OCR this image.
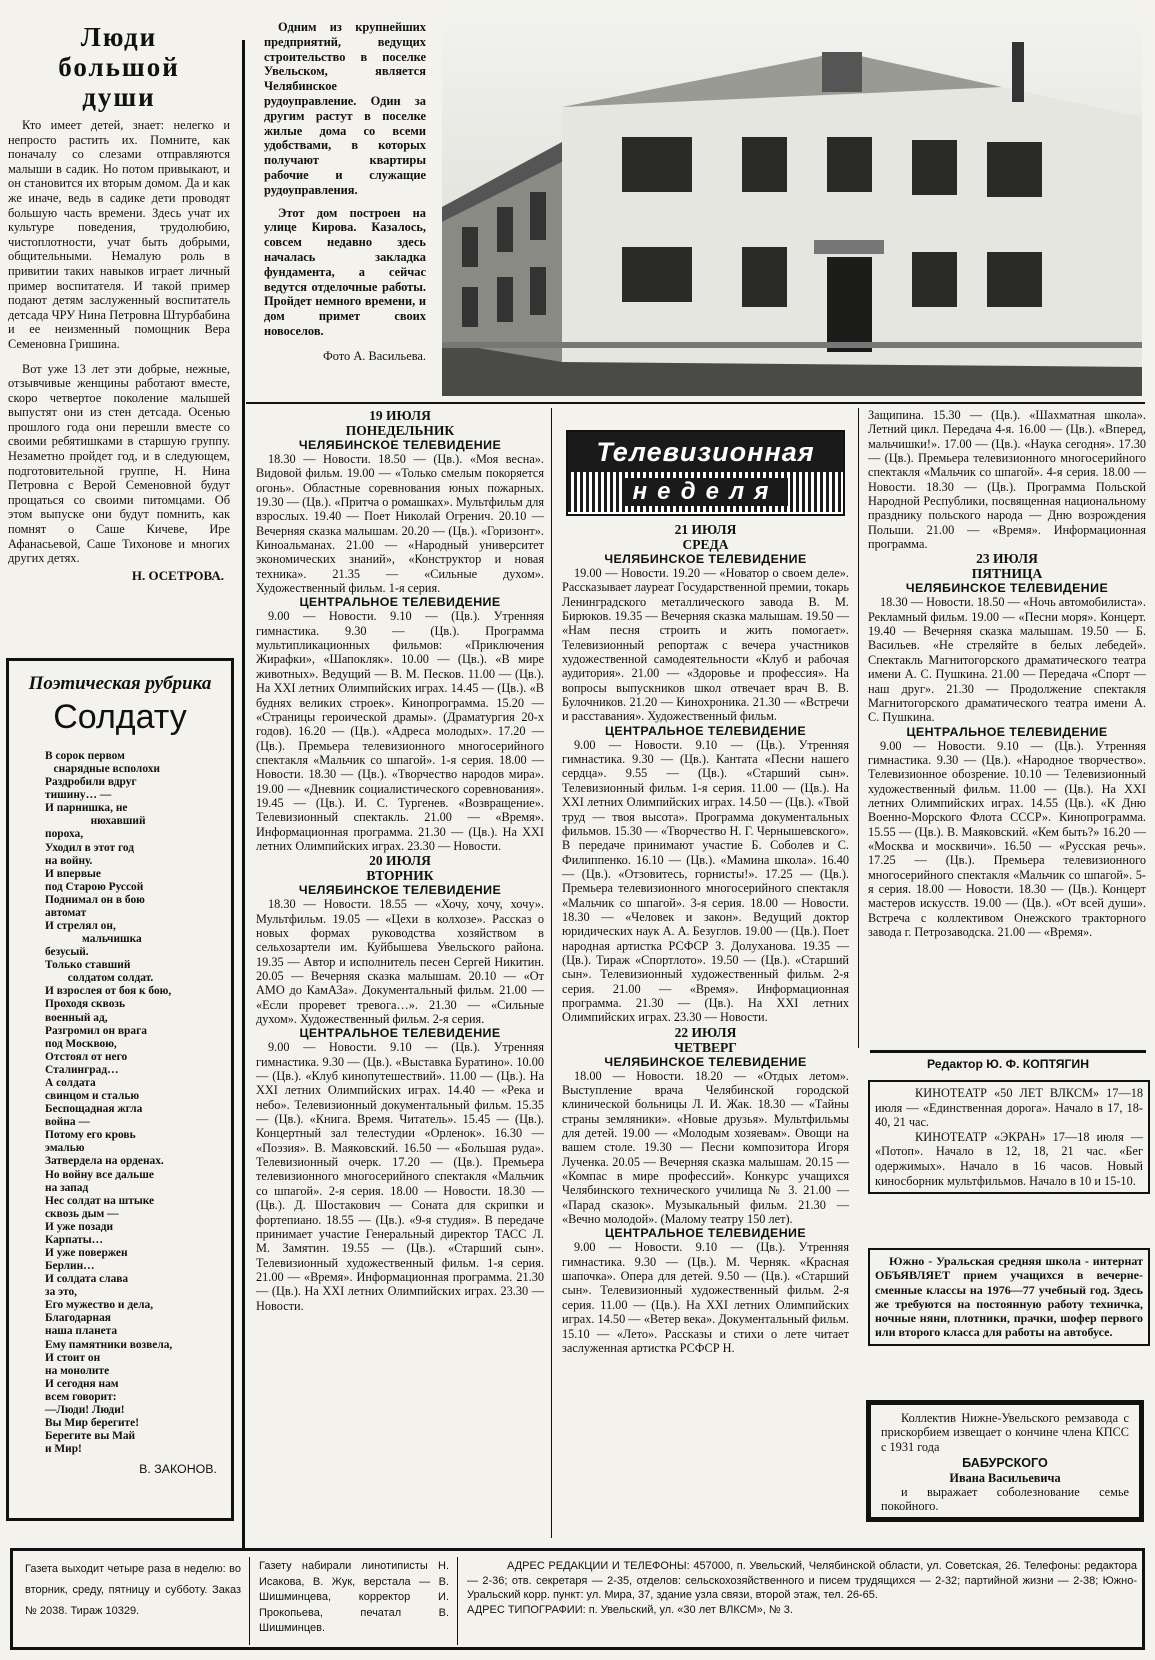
Люди большой души

Кто имеет детей, знает: нелегко и непросто растить их. Помните, как поначалу со слезами отправляются малыши в садик. Но потом привыкают, и он становится их вторым домом. Да и как же иначе, ведь в садике дети проводят большую часть времени. Здесь учат их культуре поведения, трудолюбию, чистоплотности, учат быть добрыми, общительными. Немалую роль в привитии таких навыков играет личный пример воспитателя. И такой пример подают детям заслуженный воспитатель детсада ЧРУ Нина Петровна Штурбабина и ее неизменный помощник Вера Семеновна Гришина.

Вот уже 13 лет эти добрые, нежные, отзывчивые женщины работают вместе, скоро четвертое поколение малышей выпустят они из стен детсада. Осенью прошлого года они перешли вместе со своими ребятишками в старшую группу. Незаметно пройдет год, и в следующем, подготовительной группе, Н. Нина Петровна с Верой Семеновной будут прощаться со своими питомцами. Об этом выпуске они будут помнить, как помнят о Саше Кичеве, Ире Афанасьевой, Саше Тихонове и многих других детях.

Н. ОСЕТРОВА.
Поэтическая рубрика
Солдату
В сорок первом
снарядные всполохи
Раздробили вдруг
тишину… —
И парнишка, не
нюхавший
пороха,
Уходил в этот год
на войну.
И впервые
под Старою Руссой
Поднимал он в бою
автомат
И стрелял он,
мальчишка
безусый.
Только ставший
солдатом солдат.
И взрослея от боя к бою,
Проходя сквозь
военный ад,
Разгромил он врага
под Москвою,
Отстоял от него
Сталинград…
А солдата
свинцом и сталью
Беспощадная жгла
война —
Потому его кровь
эмалью
Затвердела на орденах.
Но войну все дальше
на запад
Нес солдат на штыке
сквозь дым —
И уже позади
Карпаты…
И уже повержен
Берлин…
И солдата слава
за это,
Его мужество и дела,
Благодарная
наша планета
Ему памятники возвела,
И стоит он
на монолите
И сегодня нам
всем говорит:
—Люди! Люди!
Вы Мир берегите!
Берегите вы Май
и Мир!
В. ЗАКОНОВ.

Одним из крупнейших предприятий, ведущих строительство в поселке Увельском, является Челябинское рудоуправление. Один за другим растут в поселке жилые дома со всеми удобствами, в которых получают квартиры рабочие и служащие рудоуправления.

Этот дом построен на улице Кирова. Казалось, совсем недавно здесь началась закладка фундамента, а сейчас ведутся отделочные работы. Пройдет немного времени, и дом примет своих новоселов.

Фото А. Васильева.
19 ИЮЛЯ
ПОНЕДЕЛЬНИК
ЧЕЛЯБИНСКОЕ ТЕЛЕВИДЕНИЕ

18.30 — Новости. 18.50 — (Цв.). «Моя весна». Видовой фильм. 19.00 — «Только смелым покоряется огонь». Областные соревнования юных пожарных. 19.30 — (Цв.). «Притча о ромашках». Мультфильм для взрослых. 19.40 — Поет Николай Огренич. 20.10 — Вечерняя сказка малышам. 20.20 — (Цв.). «Горизонт». Киноальманах. 21.00 — «Народный университет экономических знаний», «Конструктор и новая техника». 21.35 — «Сильные духом». Художественный фильм. 1-я серия.

ЦЕНТРАЛЬНОЕ ТЕЛЕВИДЕНИЕ

9.00 — Новости. 9.10 — (Цв.). Утренняя гимнастика. 9.30 — (Цв.). Программа мультипликационных фильмов: «Приключения Жирафки», «Шапокляк». 10.00 — (Цв.). «В мире животных». Ведущий — В. М. Песков. 11.00 — (Цв.). На XXI летних Олимпийских играх. 14.45 — (Цв.). «В буднях великих строек». Кинопрограмма. 15.20 — «Страницы героической драмы». (Драматургия 20-х годов). 16.20 — (Цв.). «Адреса молодых». 17.20 — (Цв.). Премьера телевизионного многосерийного спектакля «Мальчик со шпагой». 1-я серия. 18.00 — Новости. 18.30 — (Цв.). «Творчество народов мира». 19.00 — «Дневник социалистического соревнования». 19.45 — (Цв.). И. С. Тургенев. «Возвращение». Телевизионный спектакль. 21.00 — «Время». Информационная программа. 21.30 — (Цв.). На XXI летних Олимпийских играх. 23.30 — Новости.

20 ИЮЛЯ
ВТОРНИК
ЧЕЛЯБИНСКОЕ ТЕЛЕВИДЕНИЕ

18.30 — Новости. 18.55 — «Хочу, хочу, хочу». Мультфильм. 19.05 — «Цехи в колхозе». Рассказ о новых формах руководства хозяйством в сельхозартели им. Куйбышева Увельского района. 19.35 — Автор и исполнитель песен Сергей Никитин. 20.05 — Вечерняя сказка малышам. 20.10 — «От АМО до КамАЗа». Документальный фильм. 21.00 — «Если проревет тревога…». 21.30 — «Сильные духом». Художественный фильм. 2-я серия.

ЦЕНТРАЛЬНОЕ ТЕЛЕВИДЕНИЕ

9.00 — Новости. 9.10 — (Цв.). Утренняя гимнастика. 9.30 — (Цв.). «Выставка Буратино». 10.00 — (Цв.). «Клуб кинопутешествий». 11.00 — (Цв.). На XXI летних Олимпийских играх. 14.40 — «Река и небо». Телевизионный документальный фильм. 15.35 — (Цв.). «Книга. Время. Читатель». 15.45 — (Цв.). Концертный зал телестудии «Орленок». 16.30 — «Поэзия». В. Маяковский. 16.50 — «Большая руда». Телевизионный очерк. 17.20 — (Цв.). Премьера телевизионного многосерийного спектакля «Мальчик со шпагой». 2-я серия. 18.00 — Новости. 18.30 — (Цв.). Д. Шостакович — Соната для скрипки и фортепиано. 18.55 — (Цв.). «9-я студия». В передаче принимает участие Генеральный директор ТАСС Л. М. Замятин. 19.55 — (Цв.). «Старший сын». Телевизионный художественный фильм. 1-я серия. 21.00 — «Время». Информационная программа. 21.30 — (Цв.). На XXI летних Олимпийских играх. 23.30 — Новости.

Телевизионная
неделя
21 ИЮЛЯ
СРЕДА
ЧЕЛЯБИНСКОЕ ТЕЛЕВИДЕНИЕ

19.00 — Новости. 19.20 — «Новатор о своем деле». Рассказывает лауреат Государственной премии, токарь Ленинградского металлического завода В. М. Бирюков. 19.35 — Вечерняя сказка малышам. 19.50 — «Нам песня строить и жить помогает». Телевизионный репортаж с вечера участников художественной самодеятельности «Клуб и рабочая аудитория». 21.00 — «Здоровье и профессия». На вопросы выпускников школ отвечает врач В. В. Булочников. 21.20 — Кинохроника. 21.30 — «Встречи и расставания». Художественный фильм.

ЦЕНТРАЛЬНОЕ ТЕЛЕВИДЕНИЕ

9.00 — Новости. 9.10 — (Цв.). Утренняя гимнастика. 9.30 — (Цв.). Кантата «Песни нашего сердца». 9.55 — (Цв.). «Старший сын». Телевизионный фильм. 1-я серия. 11.00 — (Цв.). На XXI летних Олимпийских играх. 14.50 — (Цв.). «Твой труд — твоя высота». Программа документальных фильмов. 15.30 — «Творчество Н. Г. Чернышевского». В передаче принимают участие Б. Соболев и С. Филиппенко. 16.10 — (Цв.). «Мамина школа». 16.40 — (Цв.). «Отзовитесь, горнисты!». 17.25 — (Цв.). Премьера телевизионного многосерийного спектакля «Мальчик со шпагой». 3-я серия. 18.00 — Новости. 18.30 — «Человек и закон». Ведущий доктор юридических наук А. А. Безуглов. 19.00 — (Цв.). Поет народная артистка РСФСР З. Долуханова. 19.35 — (Цв.). Тираж «Спортлото». 19.50 — (Цв.). «Старший сын». Телевизионный художественный фильм. 2-я серия. 21.00 — «Время». Информационная программа. 21.30 — (Цв.). На XXI летних Олимпийских играх. 23.30 — Новости.

22 ИЮЛЯ
ЧЕТВЕРГ
ЧЕЛЯБИНСКОЕ ТЕЛЕВИДЕНИЕ

18.00 — Новости. 18.20 — «Отдых летом». Выступление врача Челябинской городской клинической больницы Л. И. Жак. 18.30 — «Тайны страны земляники». «Новые друзья». Мультфильмы для детей. 19.00 — «Молодым хозяевам». Овощи на вашем столе. 19.30 — Песни композитора Игоря Лученка. 20.05 — Вечерняя сказка малышам. 20.15 — «Компас в мире профессий». Конкурс учащихся Челябинского технического училища № 3. 21.00 — «Парад сказок». Музыкальный фильм. 21.30 — «Вечно молодой». (Малому театру 150 лет).

ЦЕНТРАЛЬНОЕ ТЕЛЕВИДЕНИЕ

9.00 — Новости. 9.10 — (Цв.). Утренняя гимнастика. 9.30 — (Цв.). М. Черняк. «Красная шапочка». Опера для детей. 9.50 — (Цв.). «Старший сын». Телевизионный художественный фильм. 2-я серия. 11.00 — (Цв.). На XXI летних Олимпийских играх. 14.50 — «Ветер века». Документальный фильм. 15.10 — «Лето». Рассказы и стихи о лете читает заслуженная артистка РСФСР Н.

Защипина. 15.30 — (Цв.). «Шахматная школа». Летний цикл. Передача 4-я. 16.00 — (Цв.). «Вперед, мальчишки!». 17.00 — (Цв.). «Наука сегодня». 17.30 — (Цв.). Премьера телевизионного многосерийного спектакля «Мальчик со шпагой». 4-я серия. 18.00 — Новости. 18.30 — (Цв.). Программа Польской Народной Республики, посвященная национальному празднику польского народа — Дню возрождения Польши. 21.00 — «Время». Информационная программа.

23 ИЮЛЯ
ПЯТНИЦА
ЧЕЛЯБИНСКОЕ ТЕЛЕВИДЕНИЕ

18.30 — Новости. 18.50 — «Ночь автомобилиста». Рекламный фильм. 19.00 — «Песни моря». Концерт. 19.40 — Вечерняя сказка малышам. 19.50 — Б. Васильев. «Не стреляйте в белых лебедей». Спектакль Магнитогорского драматического театра имени А. С. Пушкина. 21.00 — Передача «Спорт — наш друг». 21.30 — Продолжение спектакля Магнитогорского драматического театра имени А. С. Пушкина.

ЦЕНТРАЛЬНОЕ ТЕЛЕВИДЕНИЕ

9.00 — Новости. 9.10 — (Цв.). Утренняя гимнастика. 9.30 — (Цв.). «Народное творчество». Телевизионное обозрение. 10.10 — Телевизионный художественный фильм. 11.00 — (Цв.). На XXI летних Олимпийских играх. 14.55 (Цв.). «К Дню Военно-Морского Флота СССР». Кинопрограмма. 15.55 — (Цв.). В. Маяковский. «Кем быть?» 16.20 — «Москва и москвичи». 16.50 — «Русская речь». 17.25 — (Цв.). Премьера телевизионного многосерийного спектакля «Мальчик со шпагой». 5-я серия. 18.00 — Новости. 18.30 — (Цв.). Концерт мастеров искусств. 19.00 — (Цв.). «От всей души». Встреча с коллективом Онежского тракторного завода г. Петрозаводска. 21.00 — «Время».

Редактор Ю. Ф. КОПТЯГИН

КИНОТЕАТР «50 ЛЕТ ВЛКСМ» 17—18 июля — «Единственная дорога». Начало в 17, 18-40, 21 час.

КИНОТЕАТР «ЭКРАН» 17—18 июля — «Потоп». Начало в 12, 18, 21 час. «Бег одержимых». Начало в 16 часов. Новый киносборник мультфильмов. Начало в 10 и 15-10.

Южно - Уральская средняя школа - интернат ОБЪЯВЛЯЕТ прием учащихся в вечерне-сменные классы на 1976—77 учебный год. Здесь же требуются на постоянную работу техничка, ночные няни, плотники, прачки, шофер первого или второго класса для работы на автобусе.

Коллектив Нижне-Увельского ремзавода с прискорбием извещает о кончине члена КПСС с 1931 года

БАБУРСКОГО
Ивана Васильевича
и выражает соболезнование семье покойного.
Газета выходит четыре раза в неделю: во вторник, среду, пятницу и субботу. Заказ № 2038. Тираж 10329.
Газету набирали линотиписты Н. Исакова, В. Жук, верстала — В. Шишминцева, корректор И. Прокопьева, печатал В. Шишминцев.
АДРЕС РЕДАКЦИИ И ТЕЛЕФОНЫ: 457000, п. Увельский, Челябинской области, ул. Советская, 26. Телефоны: редактора — 2-36; отв. секретаря — 2-35, отделов: сельскохозяйственного и писем трудящихся — 2-32; партийной жизни — 2-38; Южно-Уральский корр. пункт: ул. Мира, 37, здание узла связи, второй этаж, тел. 26-65.
АДРЕС ТИПОГРАФИИ: п. Увельский, ул. «30 лет ВЛКСМ», № 3.
